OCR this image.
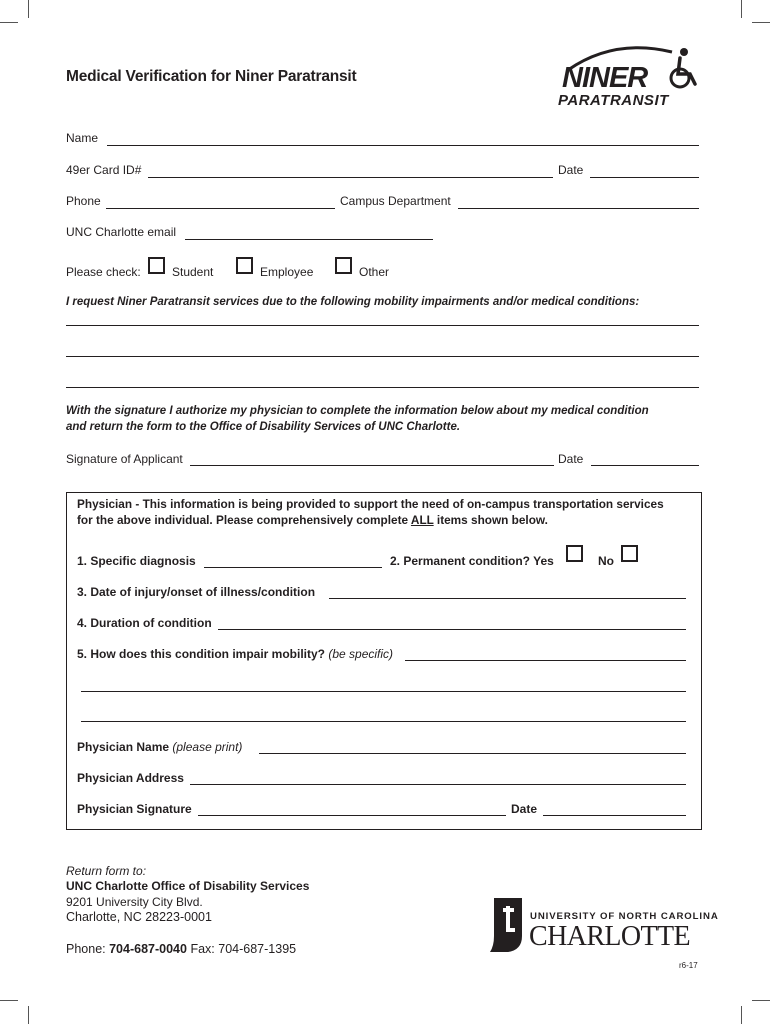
Medical Verification for Niner Paratransit	NINER
PARATRANSIT
Name
49er Card ID#	Date
Phone	Campus Department
UNC Charlotte email
Please check:	Student	Employee	Other
I request Niner Paratransit services due to the following mobility impairments and/or medical conditions:
With the signature I authorize my physician to complete the information below about my medical condition
and return the form to the Office of Disability Services of UNC Charlotte.
Signature of Applicant	Date
Physician - This information is being provided to support the need of on-campus transportation services
for the above individual. Please comprehensively complete ALL items shown below.
1. Specific diagnosis	2. Permanent condition? Yes	No
3. Date of injury/onset of illness/condition
4. Duration of condition
5. How does this condition impair mobility? (be specific)
Physician Name (please print)
Physician Address
Physician Signature	Date
Return form to:
UNC Charlotte Office of Disability Services
9201 University City Blvd.
Charlotte, NC 28223-0001
Phone: 704-687-0040 Fax: 704-687-1395
UNIVERSITY OF NORTH CAROLINA
CHARLOTTE
r6-17
